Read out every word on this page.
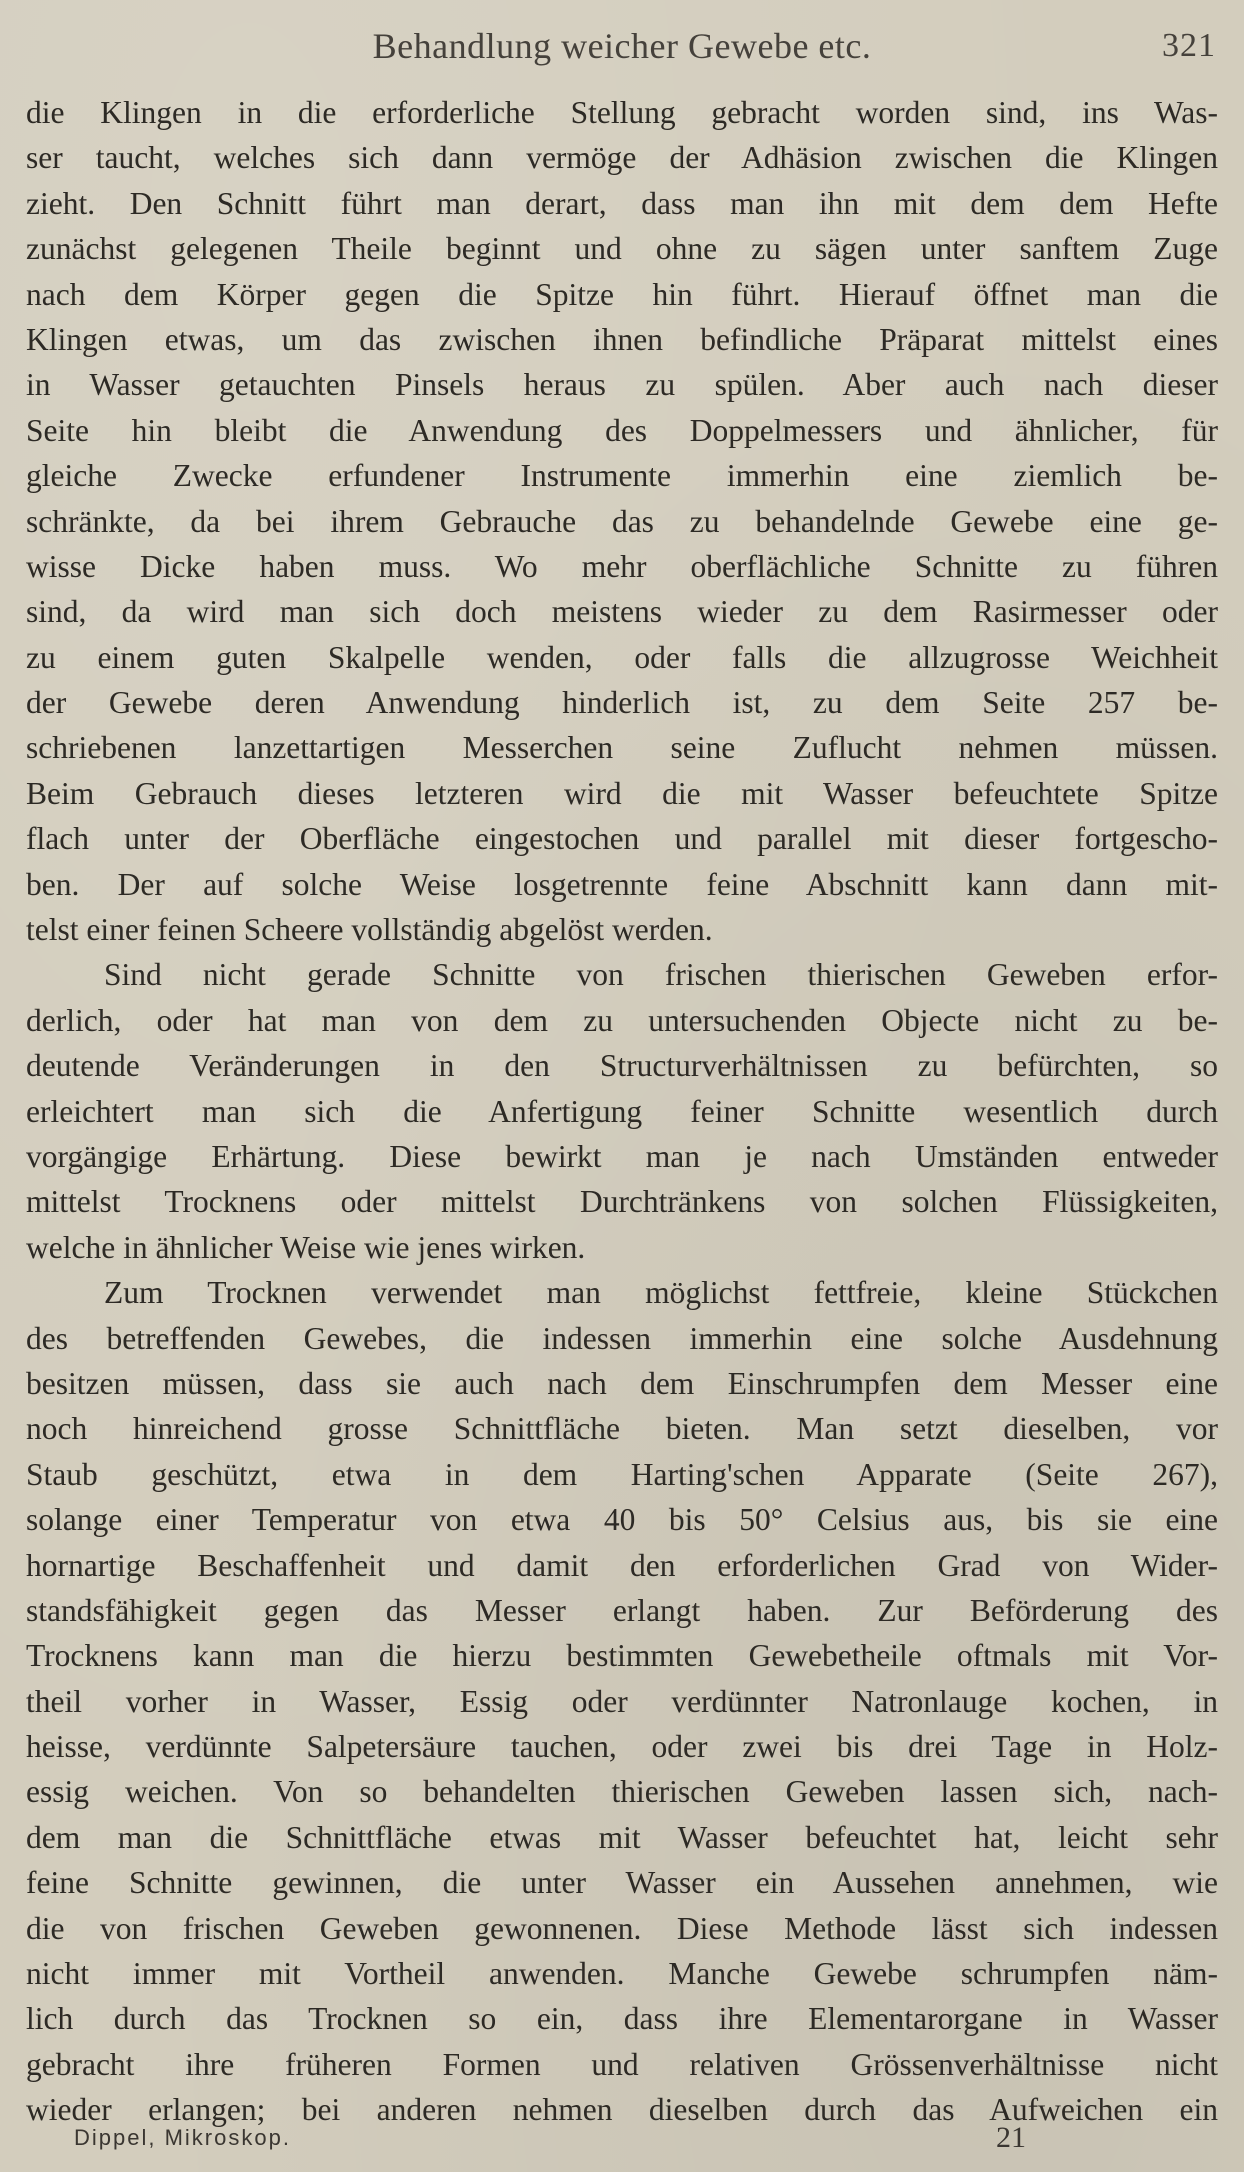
Behandlung weicher Gewebe etc.	321
die Klingen in die erforderliche Stellung gebracht worden sind, ins Was-
ser taucht, welches sich dann vermöge der Adhäsion zwischen die Klingen
zieht. Den Schnitt führt man derart, dass man ihn mit dem dem Hefte
zunächst gelegenen Theile beginnt und ohne zu sägen unter sanftem Zuge
nach dem Körper gegen die Spitze hin führt. Hierauf öffnet man die
Klingen etwas, um das zwischen ihnen befindliche Präparat mittelst eines
in Wasser getauchten Pinsels heraus zu spülen. Aber auch nach dieser
Seite hin bleibt die Anwendung des Doppelmessers und ähnlicher, für
gleiche Zwecke erfundener Instrumente immerhin eine ziemlich be-
schränkte, da bei ihrem Gebrauche das zu behandelnde Gewebe eine ge-
wisse Dicke haben muss. Wo mehr oberflächliche Schnitte zu führen
sind, da wird man sich doch meistens wieder zu dem Rasirmesser oder
zu einem guten Skalpelle wenden, oder falls die allzugrosse Weichheit
der Gewebe deren Anwendung hinderlich ist, zu dem Seite 257 be-
schriebenen lanzettartigen Messerchen seine Zuflucht nehmen müssen.
Beim Gebrauch dieses letzteren wird die mit Wasser befeuchtete Spitze
flach unter der Oberfläche eingestochen und parallel mit dieser fortgescho-
ben. Der auf solche Weise losgetrennte feine Abschnitt kann dann mit-
telst einer feinen Scheere vollständig abgelöst werden.
Sind nicht gerade Schnitte von frischen thierischen Geweben erfor-
derlich, oder hat man von dem zu untersuchenden Objecte nicht zu be-
deutende Veränderungen in den Structurverhältnissen zu befürchten, so
erleichtert man sich die Anfertigung feiner Schnitte wesentlich durch
vorgängige Erhärtung. Diese bewirkt man je nach Umständen entweder
mittelst Trocknens oder mittelst Durchtränkens von solchen Flüssigkeiten,
welche in ähnlicher Weise wie jenes wirken.
Zum Trocknen verwendet man möglichst fettfreie, kleine Stückchen
des betreffenden Gewebes, die indessen immerhin eine solche Ausdehnung
besitzen müssen, dass sie auch nach dem Einschrumpfen dem Messer eine
noch hinreichend grosse Schnittfläche bieten. Man setzt dieselben, vor
Staub geschützt, etwa in dem Harting'schen Apparate (Seite 267),
solange einer Temperatur von etwa 40 bis 50° Celsius aus, bis sie eine
hornartige Beschaffenheit und damit den erforderlichen Grad von Wider-
standsfähigkeit gegen das Messer erlangt haben. Zur Beförderung des
Trocknens kann man die hierzu bestimmten Gewebetheile oftmals mit Vor-
theil vorher in Wasser, Essig oder verdünnter Natronlauge kochen, in
heisse, verdünnte Salpetersäure tauchen, oder zwei bis drei Tage in Holz-
essig weichen. Von so behandelten thierischen Geweben lassen sich, nach-
dem man die Schnittfläche etwas mit Wasser befeuchtet hat, leicht sehr
feine Schnitte gewinnen, die unter Wasser ein Aussehen annehmen, wie
die von frischen Geweben gewonnenen. Diese Methode lässt sich indessen
nicht immer mit Vortheil anwenden. Manche Gewebe schrumpfen näm-
lich durch das Trocknen so ein, dass ihre Elementarorgane in Wasser
gebracht ihre früheren Formen und relativen Grössenverhältnisse nicht
wieder erlangen; bei anderen nehmen dieselben durch das Aufweichen ein
Dippel, Mikroskop.	21
